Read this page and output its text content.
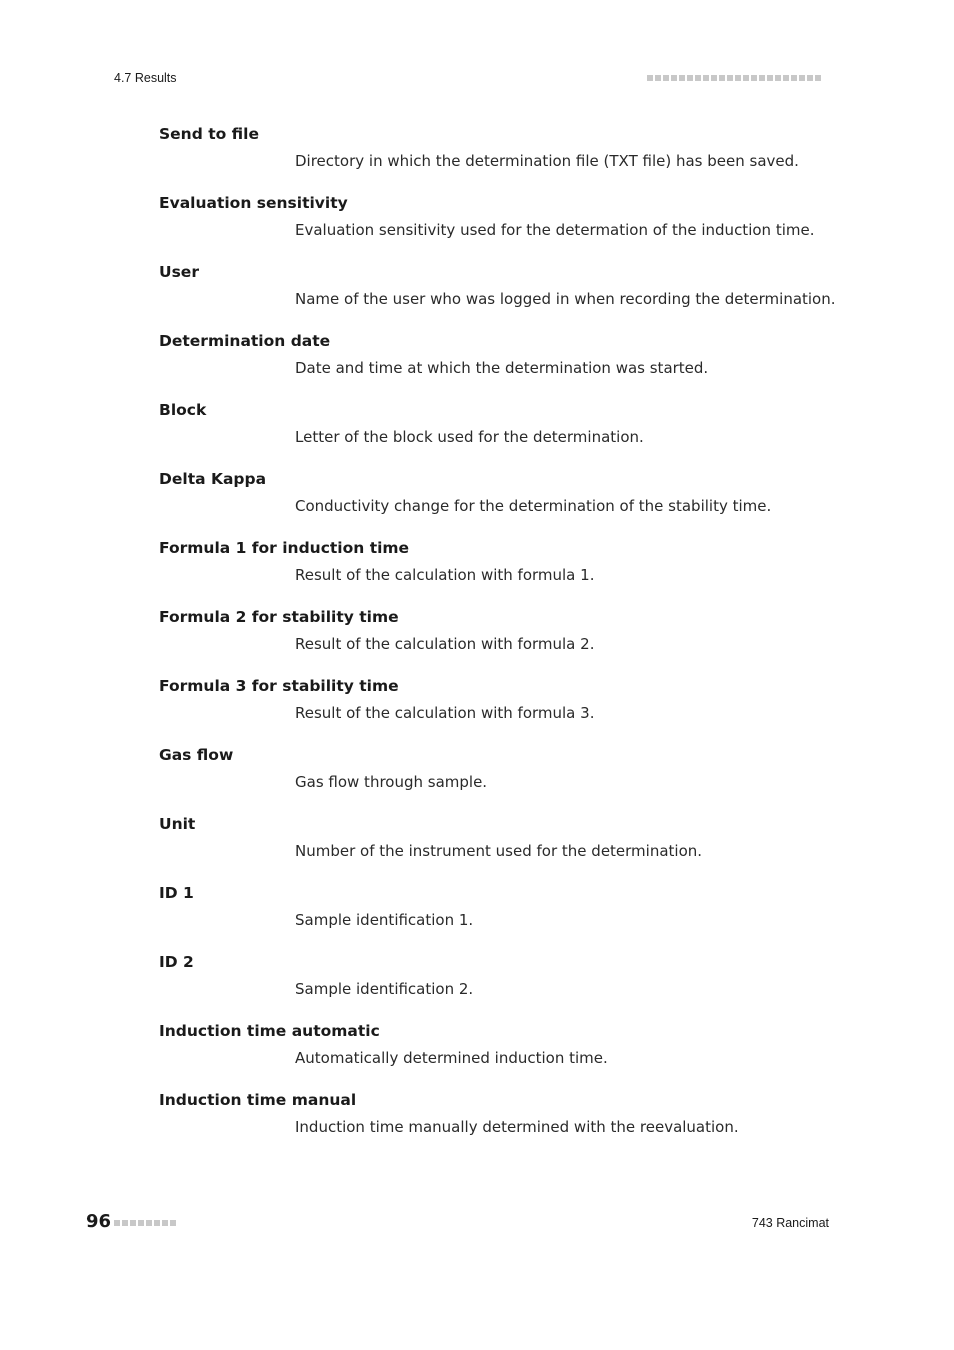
4.7 Results
Send to file
Directory in which the determination file (TXT file) has been saved.
Evaluation sensitivity
Evaluation sensitivity used for the determation of the induction time.
User
Name of the user who was logged in when recording the determination.
Determination date
Date and time at which the determination was started.
Block
Letter of the block used for the determination.
Delta Kappa
Conductivity change for the determination of the stability time.
Formula 1 for induction time
Result of the calculation with formula 1.
Formula 2 for stability time
Result of the calculation with formula 2.
Formula 3 for stability time
Result of the calculation with formula 3.
Gas flow
Gas flow through sample.
Unit
Number of the instrument used for the determination.
ID 1
Sample identification 1.
ID 2
Sample identification 2.
Induction time automatic
Automatically determined induction time.
Induction time manual
Induction time manually determined with the reevaluation.
96	743 Rancimat
